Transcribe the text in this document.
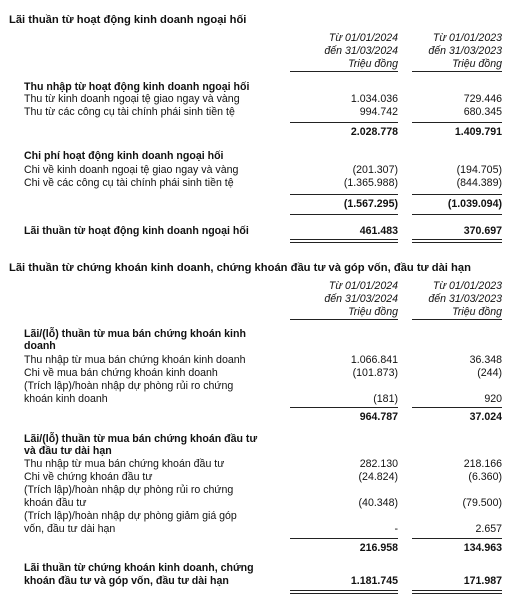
Lãi thuần từ hoạt động kinh doanh ngoại hối
Từ 01/01/2024
đến 31/03/2024
Triệu đồng
Từ 01/01/2023
đến 31/03/2023
Triệu đồng
Thu nhập từ hoạt động kinh doanh ngoại hối
Thu từ kinh doanh ngoại tệ giao ngay và vàng	1.034.036	729.446
Thu từ các công cụ tài chính phái sinh tiền tệ	994.742	680.345
2.028.778	1.409.791
Chi phí hoạt động kinh doanh ngoại hối
Chi về kinh doanh ngoại tệ giao ngay và vàng	(201.307)	(194.705)
Chi về các công cụ tài chính phái sinh tiền tệ	(1.365.988)	(844.389)
(1.567.295)	(1.039.094)
Lãi thuần từ hoạt động kinh doanh ngoại hối	461.483	370.697
Lãi thuần từ chứng khoán kinh doanh, chứng khoán đầu tư và góp vốn, đầu tư dài hạn
Từ 01/01/2024
đến 31/03/2024
Triệu đồng
Từ 01/01/2023
đến 31/03/2023
Triệu đồng
Lãi/(lỗ) thuần từ mua bán chứng khoán kinh
doanh
Thu nhập từ mua bán chứng khoán kinh doanh	1.066.841	36.348
Chi về mua bán chứng khoán kinh doanh	(101.873)	(244)
(Trích lập)/hoàn nhập dự phòng rủi ro chứng
khoán kinh doanh	(181)	920
964.787	37.024
Lãi/(lỗ) thuần từ mua bán chứng khoán đầu tư
và đầu tư dài hạn
Thu nhập từ mua bán chứng khoán đầu tư	282.130	218.166
Chi về chứng khoán đầu tư	(24.824)	(6.360)
(Trích lập)/hoàn nhập dự phòng rủi ro chứng
khoán đầu tư	(40.348)	(79.500)
(Trích lập)/hoàn nhập dự phòng giảm giá góp
vốn, đầu tư dài hạn	-	2.657
216.958	134.963
Lãi thuần từ chứng khoán kinh doanh, chứng
khoán đầu tư và góp vốn, đầu tư dài hạn	1.181.745	171.987
